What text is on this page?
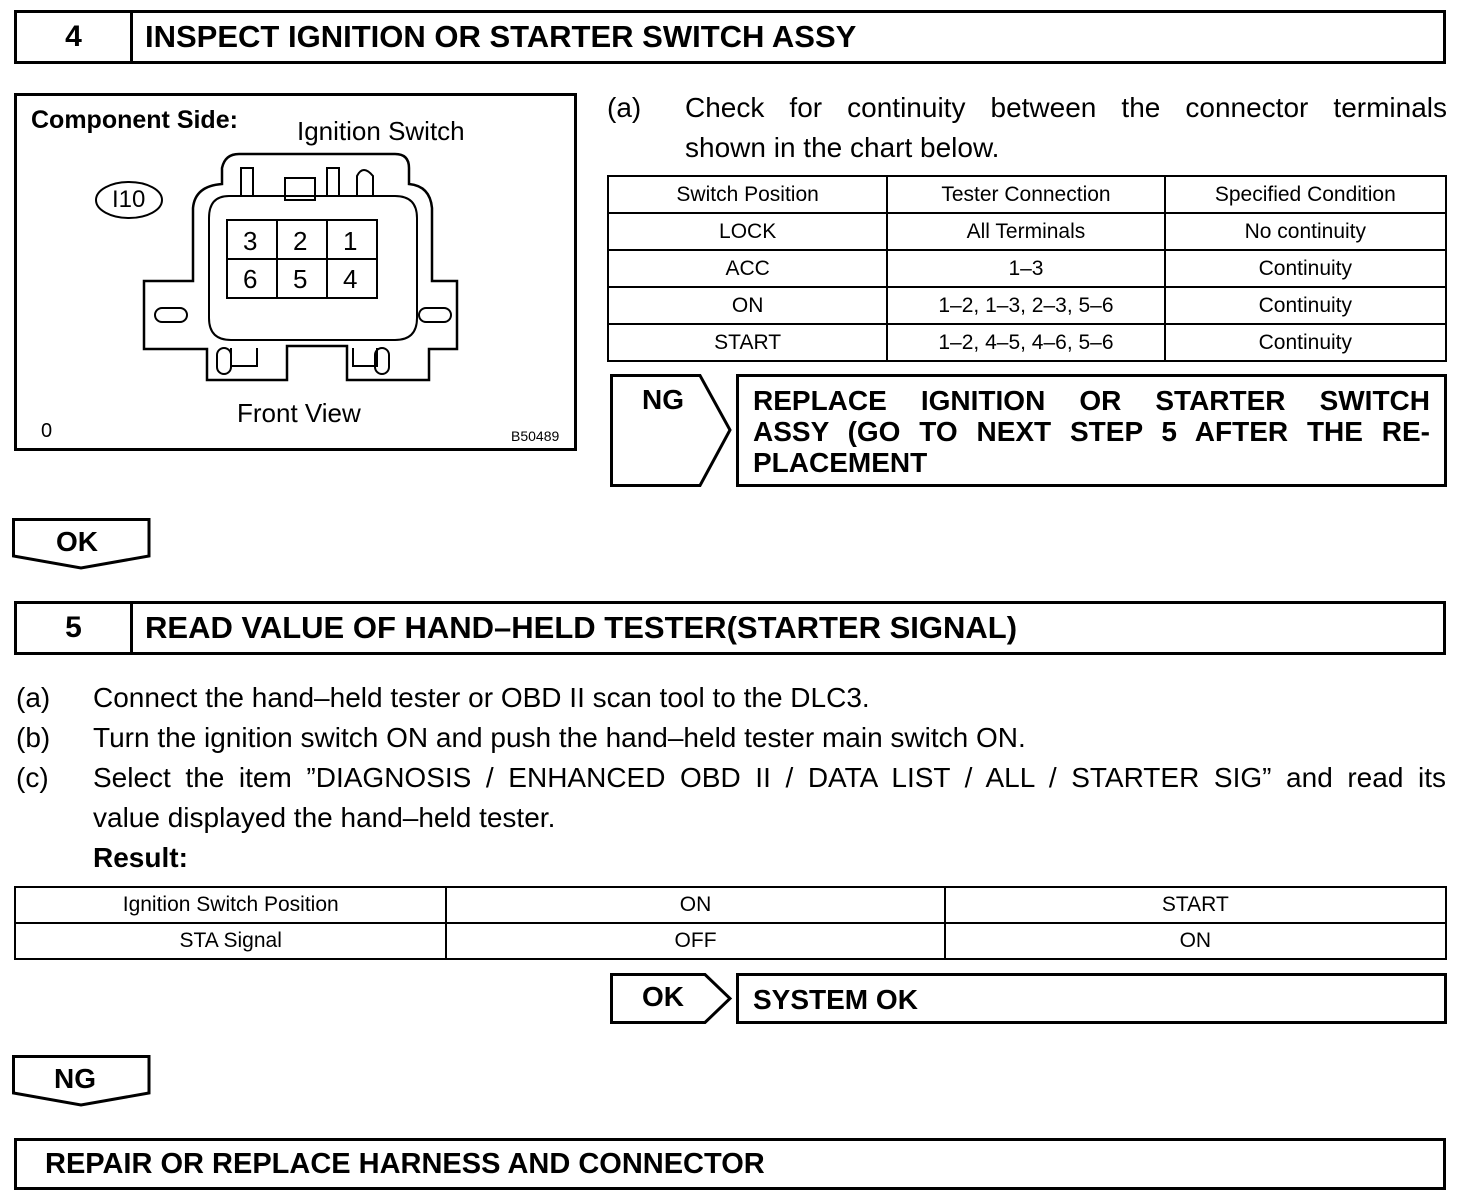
4	INSPECT IGNITION OR STARTER SWITCH ASSY
Component Side: Ignition Switch
I10
3 2 1
6 5 4
Front View
0	B50489
(a) Check for continuity between the connector terminals
shown in the chart below.
Switch Position	Tester Connection	Specified Condition
LOCK	All Terminals	No continuity
ACC	1–3	Continuity
ON	1–2, 1–3, 2–3, 5–6	Continuity
START	1–2, 4–5, 4–6, 5–6	Continuity
NG REPLACE IGNITION OR STARTER SWITCH
ASSY (GO TO NEXT STEP 5 AFTER THE RE-
PLACEMENT
OK
5	READ VALUE OF HAND–HELD TESTER(STARTER SIGNAL)
(a) Connect the hand–held tester or OBD II scan tool to the DLC3.
(b) Turn the ignition switch ON and push the hand–held tester main switch ON.
(c) Select the item ”DIAGNOSIS / ENHANCED OBD II / DATA LIST / ALL / STARTER SIG” and read its
value displayed the hand–held tester.
Result:
Ignition Switch Position	ON	START
STA Signal	OFF	ON
OK	SYSTEM OK
NG
REPAIR OR REPLACE HARNESS AND CONNECTOR
